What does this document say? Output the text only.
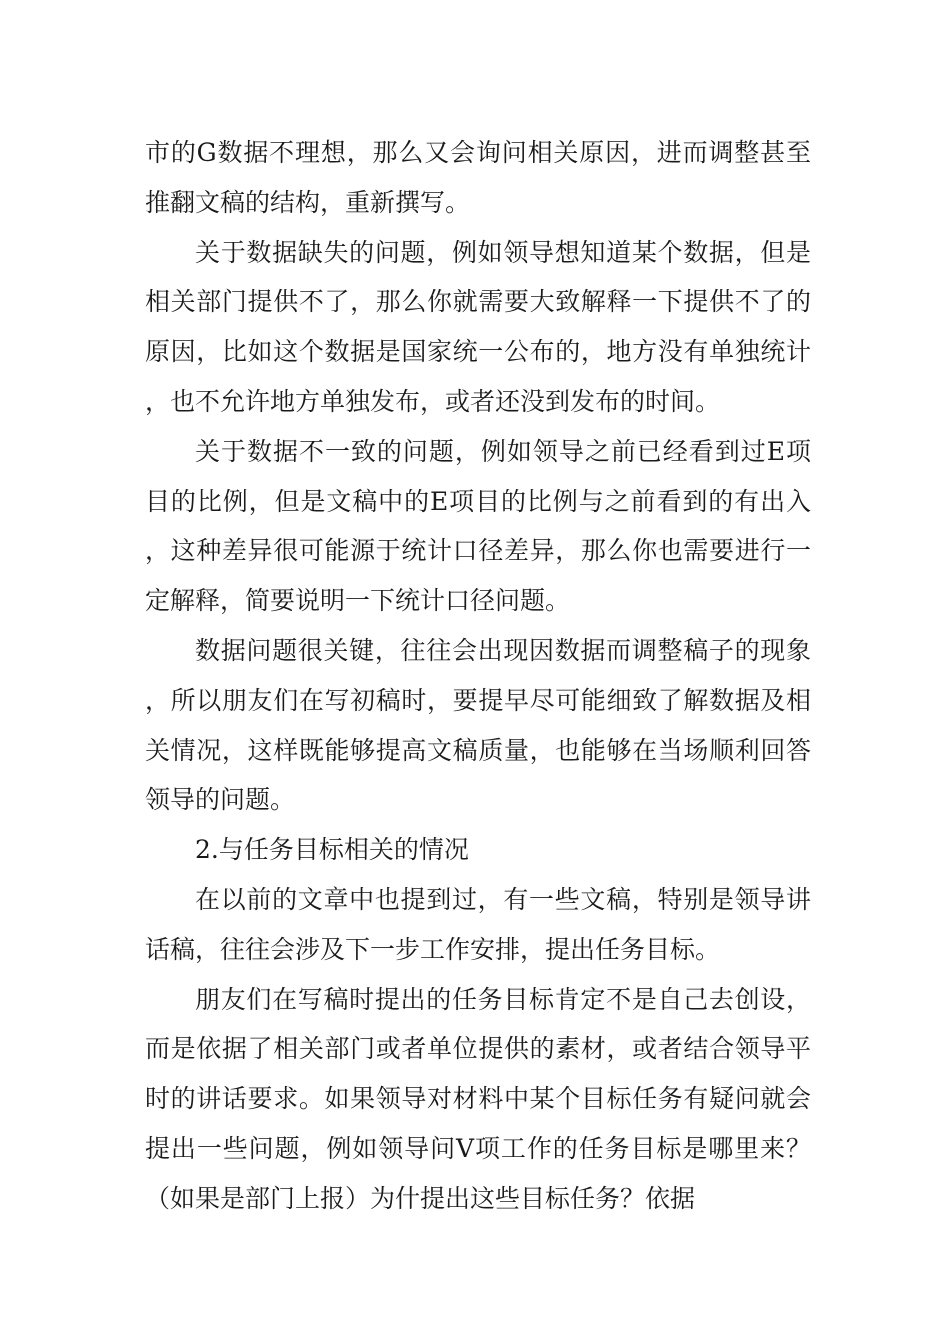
市的G数据不理想，那么又会询问相关原因，进而调整甚至推翻文稿的结构，重新撰写。

关于数据缺失的问题，例如领导想知道某个数据，但是相关部门提供不了，那么你就需要大致解释一下提供不了的原因，比如这个数据是国家统一公布的，地方没有单独统计，也不允许地方单独发布，或者还没到发布的时间。

关于数据不一致的问题，例如领导之前已经看到过E项目的比例，但是文稿中的E项目的比例与之前看到的有出入，这种差异很可能源于统计口径差异，那么你也需要进行一定解释，简要说明一下统计口径问题。

数据问题很关键，往往会出现因数据而调整稿子的现象，所以朋友们在写初稿时，要提早尽可能细致了解数据及相关情况，这样既能够提高文稿质量，也能够在当场顺利回答领导的问题。

2.与任务目标相关的情况

在以前的文章中也提到过，有一些文稿，特别是领导讲话稿，往往会涉及下一步工作安排，提出任务目标。

朋友们在写稿时提出的任务目标肯定不是自己去创设，而是依据了相关部门或者单位提供的素材，或者结合领导平时的讲话要求。如果领导对材料中某个目标任务有疑问就会提出一些问题，例如领导问V项工作的任务目标是哪里来？（如果是部门上报）为什提出这些目标任务？依据
